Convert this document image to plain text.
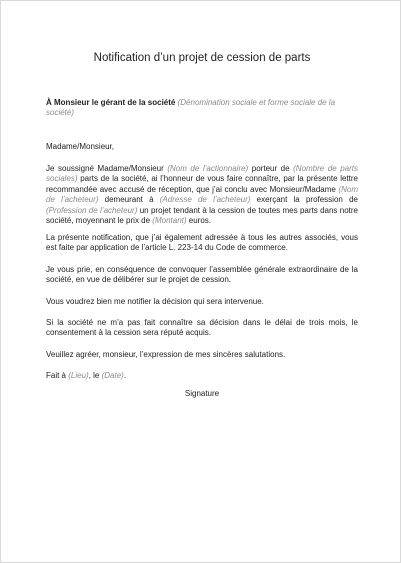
Notification d’un projet de cession de parts

À Monsieur le gérant de la société (Dénomination sociale et forme sociale de la société)

Madame/Monsieur,

Je soussigné Madame/Monsieur (Nom de l’actionnaire) porteur de (Nombre de parts sociales) parts de la société, ai l’honneur de vous faire connaître, par la présente lettre recommandée avec accusé de réception, que j’ai conclu avec Monsieur/Madame (Nom de l’acheteur) demeurant à (Adresse de l’acheteur) exerçant la profession de (Profession de l’acheteur) un projet tendant à la cession de toutes mes parts dans notre société, moyennant le prix de (Montant) euros.

La présente notification, que j’ai également adressée à tous les autres associés, vous est faite par application de l’article L. 223-14 du Code de commerce.

Je vous prie, en conséquence de convoquer l’assemblée générale extraordinaire de la société, en vue de délibérer sur le projet de cession.

Vous voudrez bien me notifier la décision qui sera intervenue.

Si la société ne m’a pas fait connaître sa décision dans le délai de trois mois, le consentement à la cession sera réputé acquis.

Veuillez agréer, monsieur, l’expression de mes sincères salutations.

Fait à (Lieu), le (Date).

Signature
